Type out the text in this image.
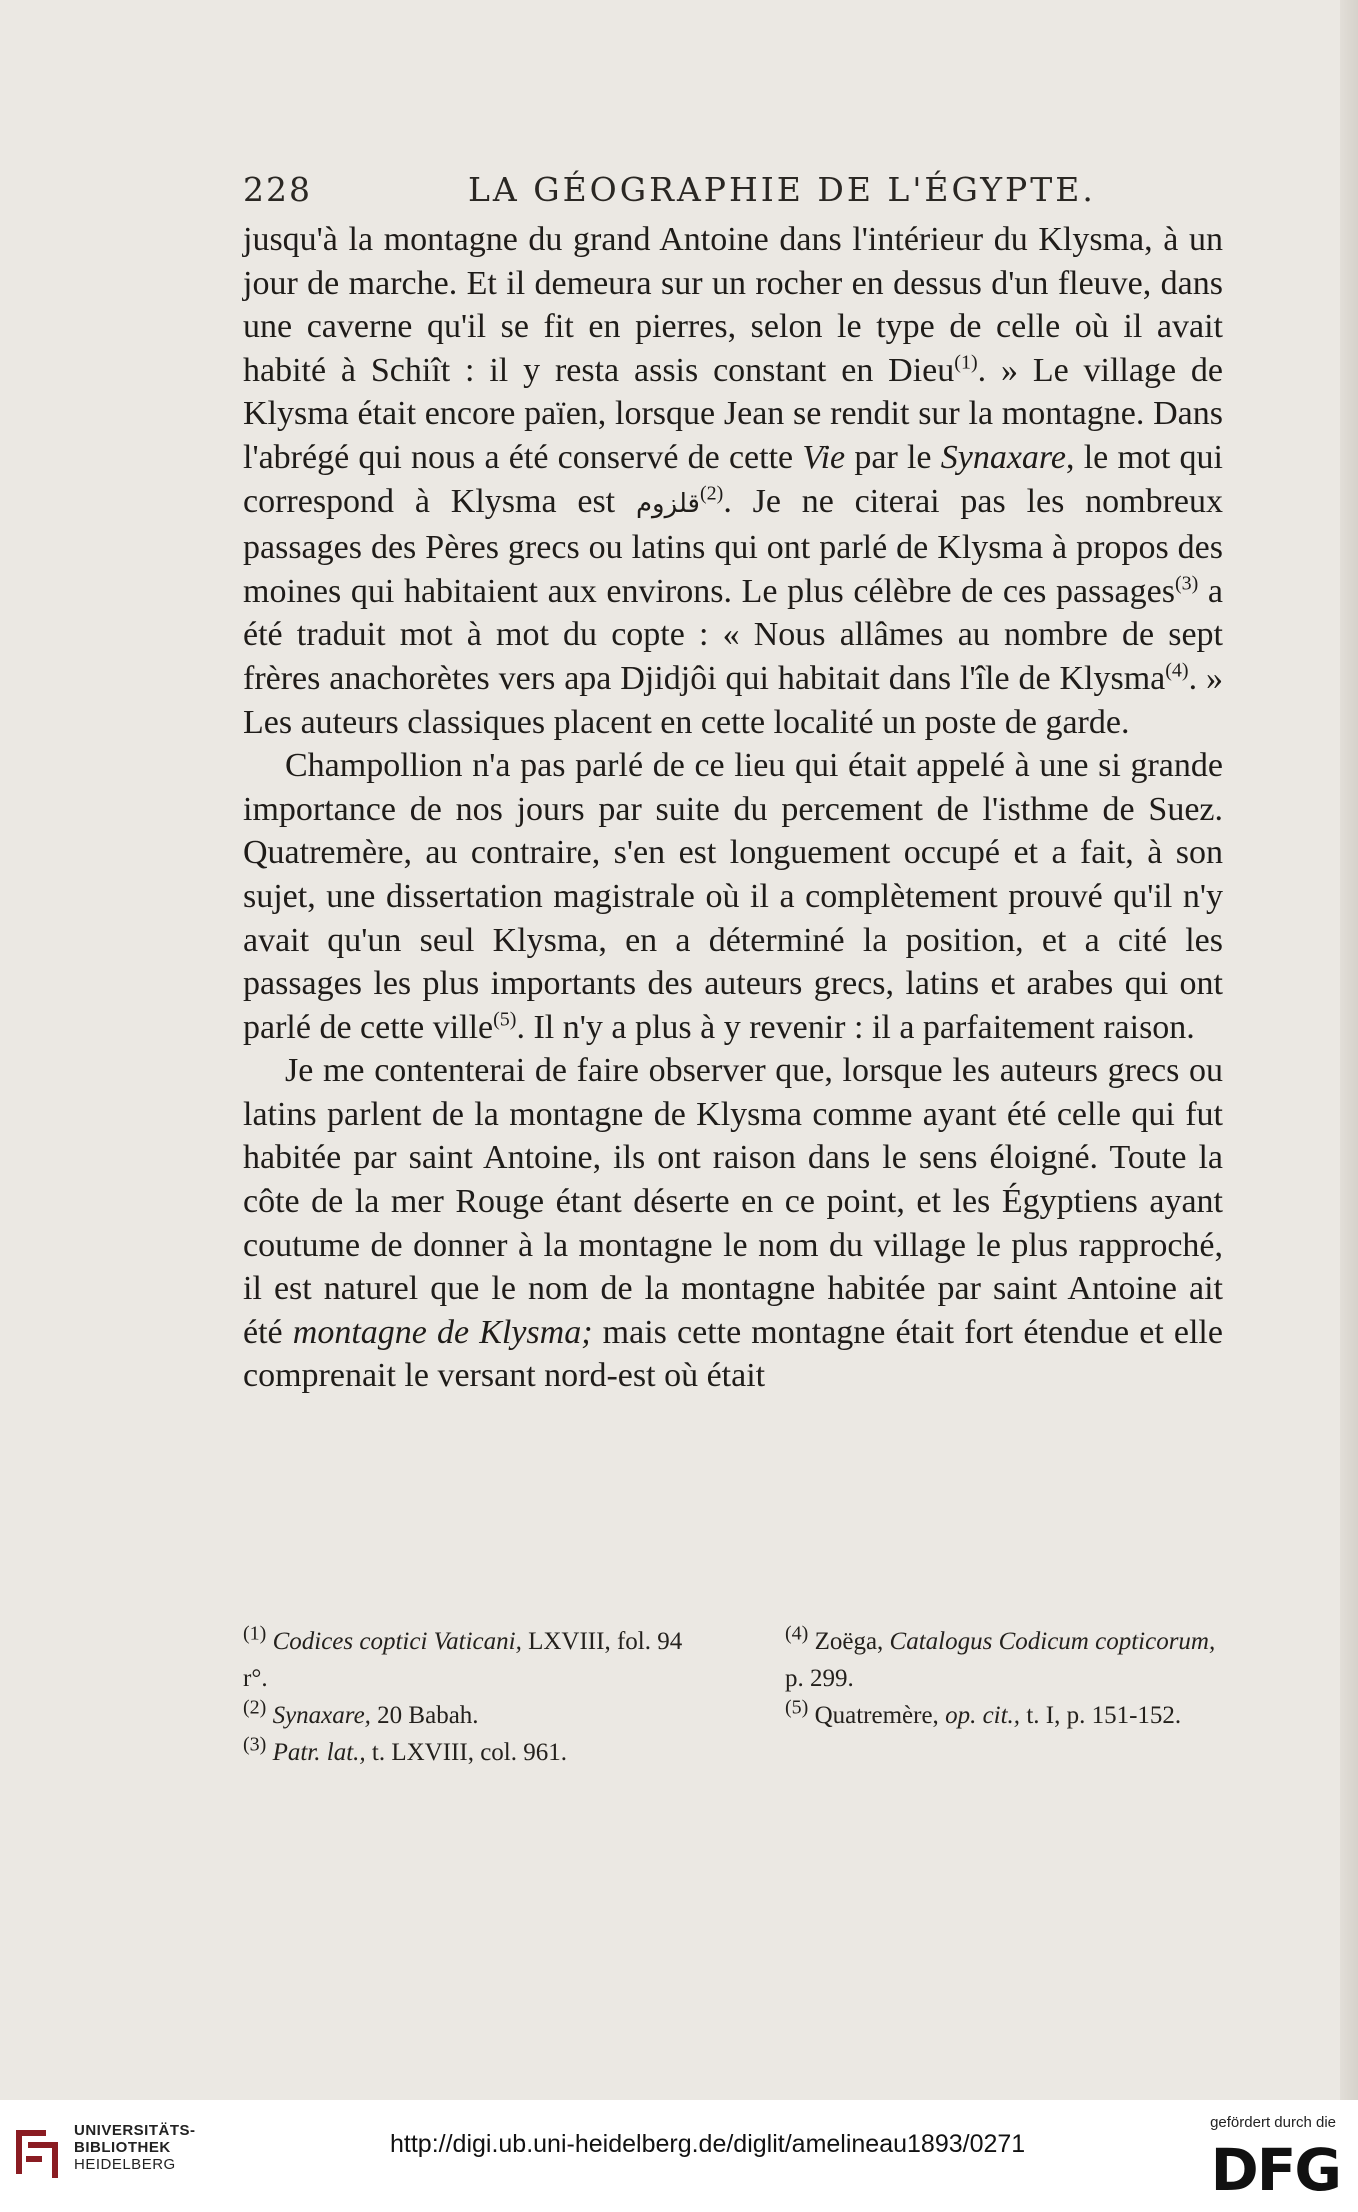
228	LA GÉOGRAPHIE DE L'ÉGYPTE.

jusqu'à la montagne du grand Antoine dans l'intérieur du Klysma, à un jour de marche. Et il demeura sur un rocher en dessus d'un fleuve, dans une caverne qu'il se fit en pierres, selon le type de celle où il avait habité à Schiît : il y resta assis constant en Dieu$^{(1)}$. » Le village de Klysma était encore païen, lorsque Jean se rendit sur la montagne. Dans l'abrégé qui nous a été conservé de cette Vie par le Synaxare, le mot qui correspond à Klysma est قلزوم$^{(2)}$. Je ne citerai pas les nombreux passages des Pères grecs ou latins qui ont parlé de Klysma à propos des moines qui habitaient aux environs. Le plus célèbre de ces passages$^{(3)}$ a été traduit mot à mot du copte : « Nous allâmes au nombre de sept frères anachorètes vers apa Djidjôi qui habitait dans l'île de Klysma$^{(4)}$. » Les auteurs classiques placent en cette localité un poste de garde.

Champollion n'a pas parlé de ce lieu qui était appelé à une si grande importance de nos jours par suite du percement de l'isthme de Suez. Quatremère, au contraire, s'en est longuement occupé et a fait, à son sujet, une dissertation magistrale où il a complètement prouvé qu'il n'y avait qu'un seul Klysma, en a déterminé la position, et a cité les passages les plus importants des auteurs grecs, latins et arabes qui ont parlé de cette ville$^{(5)}$. Il n'y a plus à y revenir : il a parfaitement raison.

Je me contenterai de faire observer que, lorsque les auteurs grecs ou latins parlent de la montagne de Klysma comme ayant été celle qui fut habitée par saint Antoine, ils ont raison dans le sens éloigné. Toute la côte de la mer Rouge étant déserte en ce point, et les Égyptiens ayant coutume de donner à la montagne le nom du village le plus rapproché, il est naturel que le nom de la montagne habitée par saint Antoine ait été montagne de Klysma; mais cette montagne était fort étendue et elle comprenait le versant nord-est où était

$^{(1)}$ Codices coptici Vaticani, LXVIII, fol. 94 r°.

$^{(2)}$ Synaxare, 20 Babah.

$^{(3)}$ Patr. lat., t. LXVIII, col. 961.

$^{(4)}$ Zoëga, Catalogus Codicum copticorum, p. 299.

$^{(5)}$ Quatremère, op. cit., t. I, p. 151-152.

UNIVERSITÄTS-
BIBLIOTHEK
HEIDELBERG
http://digi.ub.uni-heidelberg.de/diglit/amelineau1893/0271
gefördert durch die
DFG
